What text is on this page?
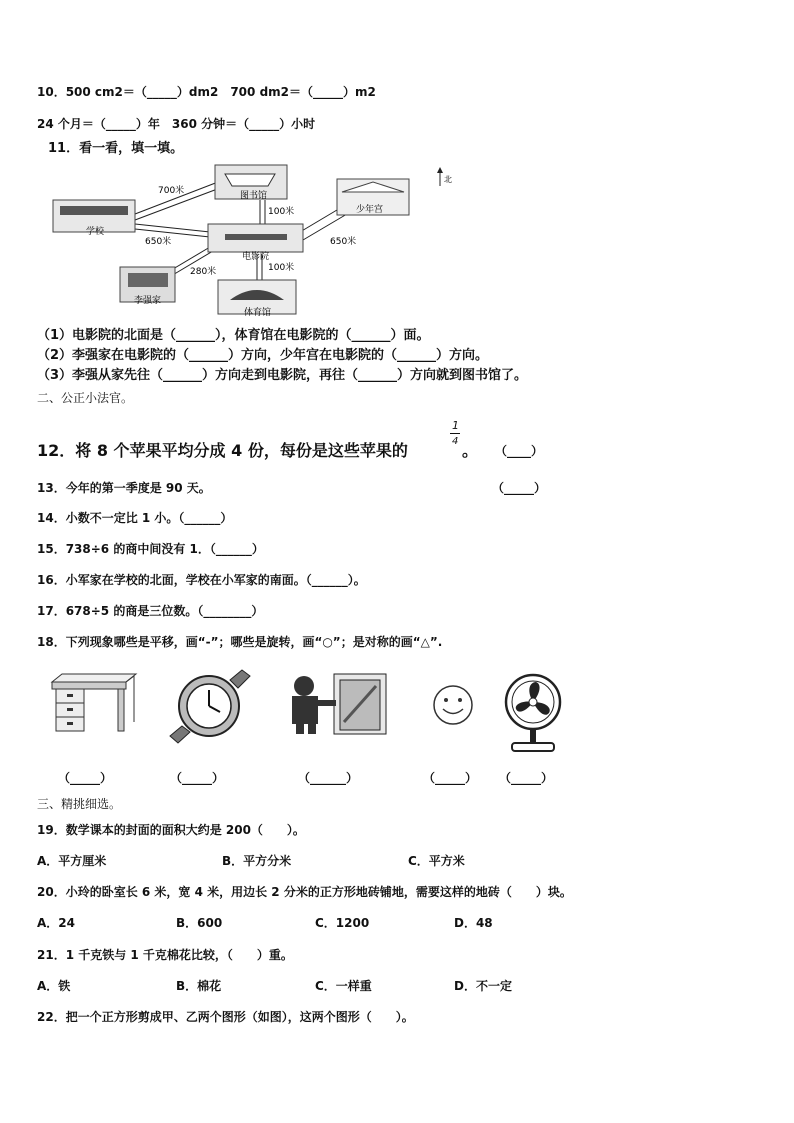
10．500 cm2＝（_____）dm2　700 dm2＝（_____）m2
24 个月＝（_____）年　360 分钟＝（_____）小时
11．看一看，填一填。
图书馆
学校
电影院
少年宫
李强家
体育馆
700米
650米
100米
650米
280米	100米
北
（1）电影院的北面是（______），体育馆在电影院的（______）面。
（2）李强家在电影院的（______）方向，少年宫在电影院的（______）方向。
（3）李强从家先往（______）方向走到电影院，再往（______）方向就到图书馆了。
二、公正小法官。
12．将 8 个苹果平均分成 4 份，每份是这些苹果的
1
4 。 （____）
13．今年的第一季度是 90 天。	（_____）
14．小数不一定比 1 小。（______）
15．738÷6 的商中间没有 1．（______）
16．小军家在学校的北面，学校在小军家的南面。（______）。
17．678÷5 的商是三位数。（________）
18．下列现象哪些是平移，画“-”；哪些是旋转，画“○”；是对称的画“△”.
（_____）	（_____）	（______）	（_____） （_____）
三、精挑细选。
19．数学课本的封面的面积大约是 200（　　）。
A．平方厘米	B．平方分米	C．平方米
20．小玲的卧室长 6 米，宽 4 米，用边长 2 分米的正方形地砖铺地，需要这样的地砖（　　）块。
A．24	B．600	C．1200	D．48
21．1 千克铁与 1 千克棉花比较，（　　）重。
A．铁	B．棉花	C．一样重	D．不一定
22．把一个正方形剪成甲、乙两个图形（如图），这两个图形（　　）。
